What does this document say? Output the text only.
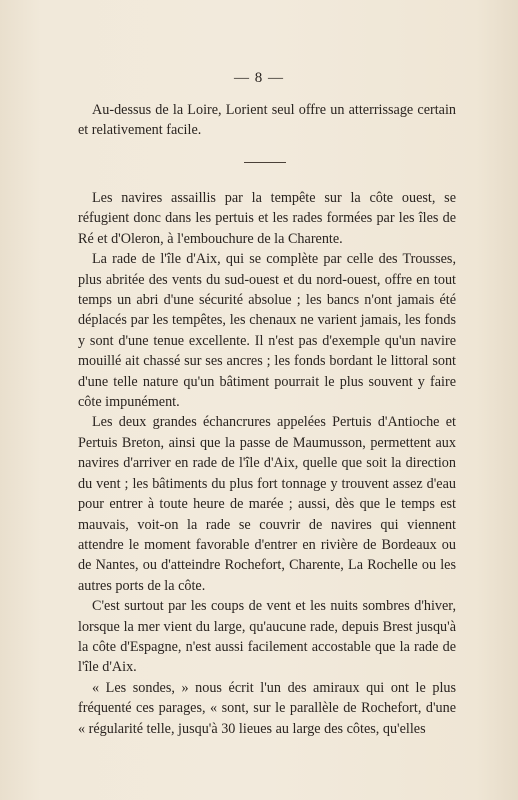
— 8 —

Au-dessus de la Loire, Lorient seul offre un atterrissage certain et relativement facile.

Les navires assaillis par la tempête sur la côte ouest, se réfugient donc dans les pertuis et les rades formées par les îles de Ré et d'Oleron, à l'embouchure de la Charente.

La rade de l'île d'Aix, qui se complète par celle des Trousses, plus abritée des vents du sud-ouest et du nord-ouest, offre en tout temps un abri d'une sécurité absolue ; les bancs n'ont jamais été déplacés par les tempêtes, les chenaux ne varient jamais, les fonds y sont d'une tenue excellente. Il n'est pas d'exemple qu'un navire mouillé ait chassé sur ses ancres ; les fonds bordant le littoral sont d'une telle nature qu'un bâtiment pourrait le plus souvent y faire côte impunément.

Les deux grandes échancrures appelées Pertuis d'Antioche et Pertuis Breton, ainsi que la passe de Maumusson, permettent aux navires d'arriver en rade de l'île d'Aix, quelle que soit la direction du vent ; les bâtiments du plus fort tonnage y trouvent assez d'eau pour entrer à toute heure de marée ; aussi, dès que le temps est mauvais, voit-on la rade se couvrir de navires qui viennent attendre le moment favorable d'entrer en rivière de Bordeaux ou de Nantes, ou d'atteindre Rochefort, Charente, La Rochelle ou les autres ports de la côte.

C'est surtout par les coups de vent et les nuits sombres d'hiver, lorsque la mer vient du large, qu'aucune rade, depuis Brest jusqu'à la côte d'Espagne, n'est aussi facilement accostable que la rade de l'île d'Aix.

« Les sondes, » nous écrit l'un des amiraux qui ont le plus fréquenté ces parages, « sont, sur le parallèle de Rochefort, d'une « régularité telle, jusqu'à 30 lieues au large des côtes, qu'elles
